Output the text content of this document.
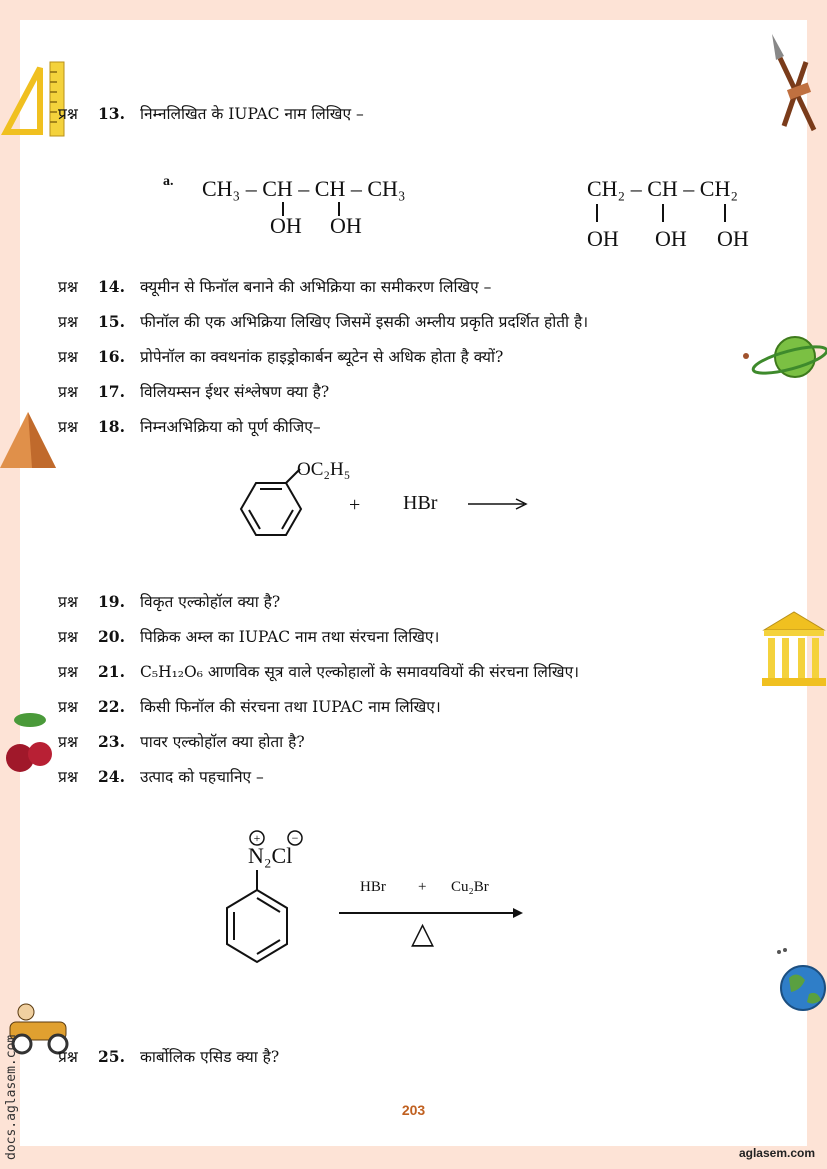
प्रश्न 13. निम्नलिखित के IUPAC नाम लिखिए –
a. CH₃ – CH – CH – CH₃
OH OH
CH₂ – CH – CH₂
OH OH OH
प्रश्न 14. क्यूमीन से फिनॉल बनाने की अभिक्रिया का समीकरण लिखिए –
प्रश्न 15. फीनॉल की एक अभिक्रिया लिखिए जिसमें इसकी अम्लीय प्रकृति प्रदर्शित होती है।
प्रश्न 16. प्रोपेनॉल का क्वथनांक हाइड्रोकार्बन ब्यूटेन से अधिक होता है क्यों?
प्रश्न 17. विलियम्सन ईथर संश्लेषण क्या है?
प्रश्न 18. निम्नअभिक्रिया को पूर्ण कीजिए–
OC₂H₅
+ HBr
प्रश्न 19. विकृत एल्कोहॉल क्या है?
प्रश्न 20. पिक्रिक अम्ल का IUPAC नाम तथा संरचना लिखिए।
प्रश्न 21. C₅H₁₂O₆ आणविक सूत्र वाले एल्कोहालों के समावयवियों की संरचना लिखिए।
प्रश्न 22. किसी फिनॉल की संरचना तथा IUPAC नाम लिखिए।
प्रश्न 23. पावर एल्कोहॉल क्या होता है?
प्रश्न 24. उत्पाद को पहचानिए –
+	−
N₂Cl
HBr + Cu₂Br
△
प्रश्न 25. कार्बोलिक एसिड क्या है?
203
aglasem.com
docs.aglasem.com
